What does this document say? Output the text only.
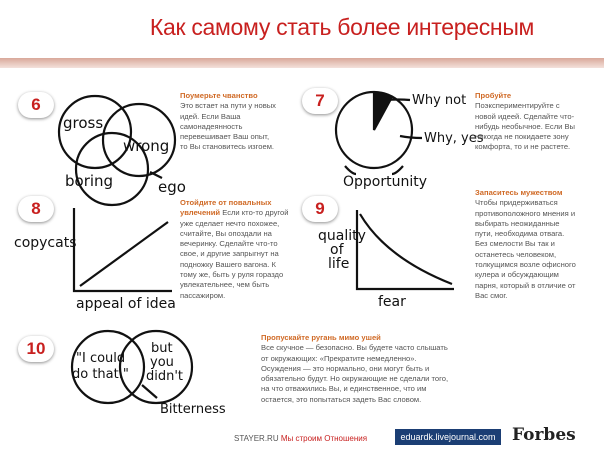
Как самому стать более интересным
6	7
8	9
10
gross
wrong
boring	ego
Why not
Why, yes
Opportunity
copycats
appeal of idea
quality
of
life
fear
"I could
do that."
but
you
didn't
Bitterness
Поумерьте чванство
Это встает на пути у новых
идей. Если Ваша
самонадеянность
перевешивает Ваш опыт,
то Вы становитесь изгоем.
Пробуйте
Поэкспериментируйте с
новой идеей. Сделайте что-
нибудь необычное. Если Вы
никогда не покидаете зону
комфорта, то и не растете.
Отойдите от повальных
увлечений Если кто-то другой
уже сделает нечто похожее,
считайте, Вы опоздали на
вечеринку. Сделайте что-то
свое, и другие запрыгнут на
подножку Вашего вагона. К
тому же, быть у руля гораздо
увлекательнее, чем быть
пассажиром.
Запаситесь мужеством
Чтобы придерживаться
противоположного мнения и
выбирать неожиданные
пути, необходима отвага.
Без смелости Вы так и
останетесь человеком,
толкущимся возле офисного
кулера и обсуждающим
парня, который в отличие от
Вас смог.
Пропускайте ругань мимо ушей
Все скучное — безопасно. Вы будете часто слышать
от окружающих: «Прекратите немедленно».
Осуждения — это нормально, они могут быть и
обязательно будут. Но окружающие не сделали того,
на что отважились Вы, и единственное, что им
остается, это попытаться задеть Вас словом.
STAYER.RU Мы строим Отношения	eduardk.livejournal.com Forbes
